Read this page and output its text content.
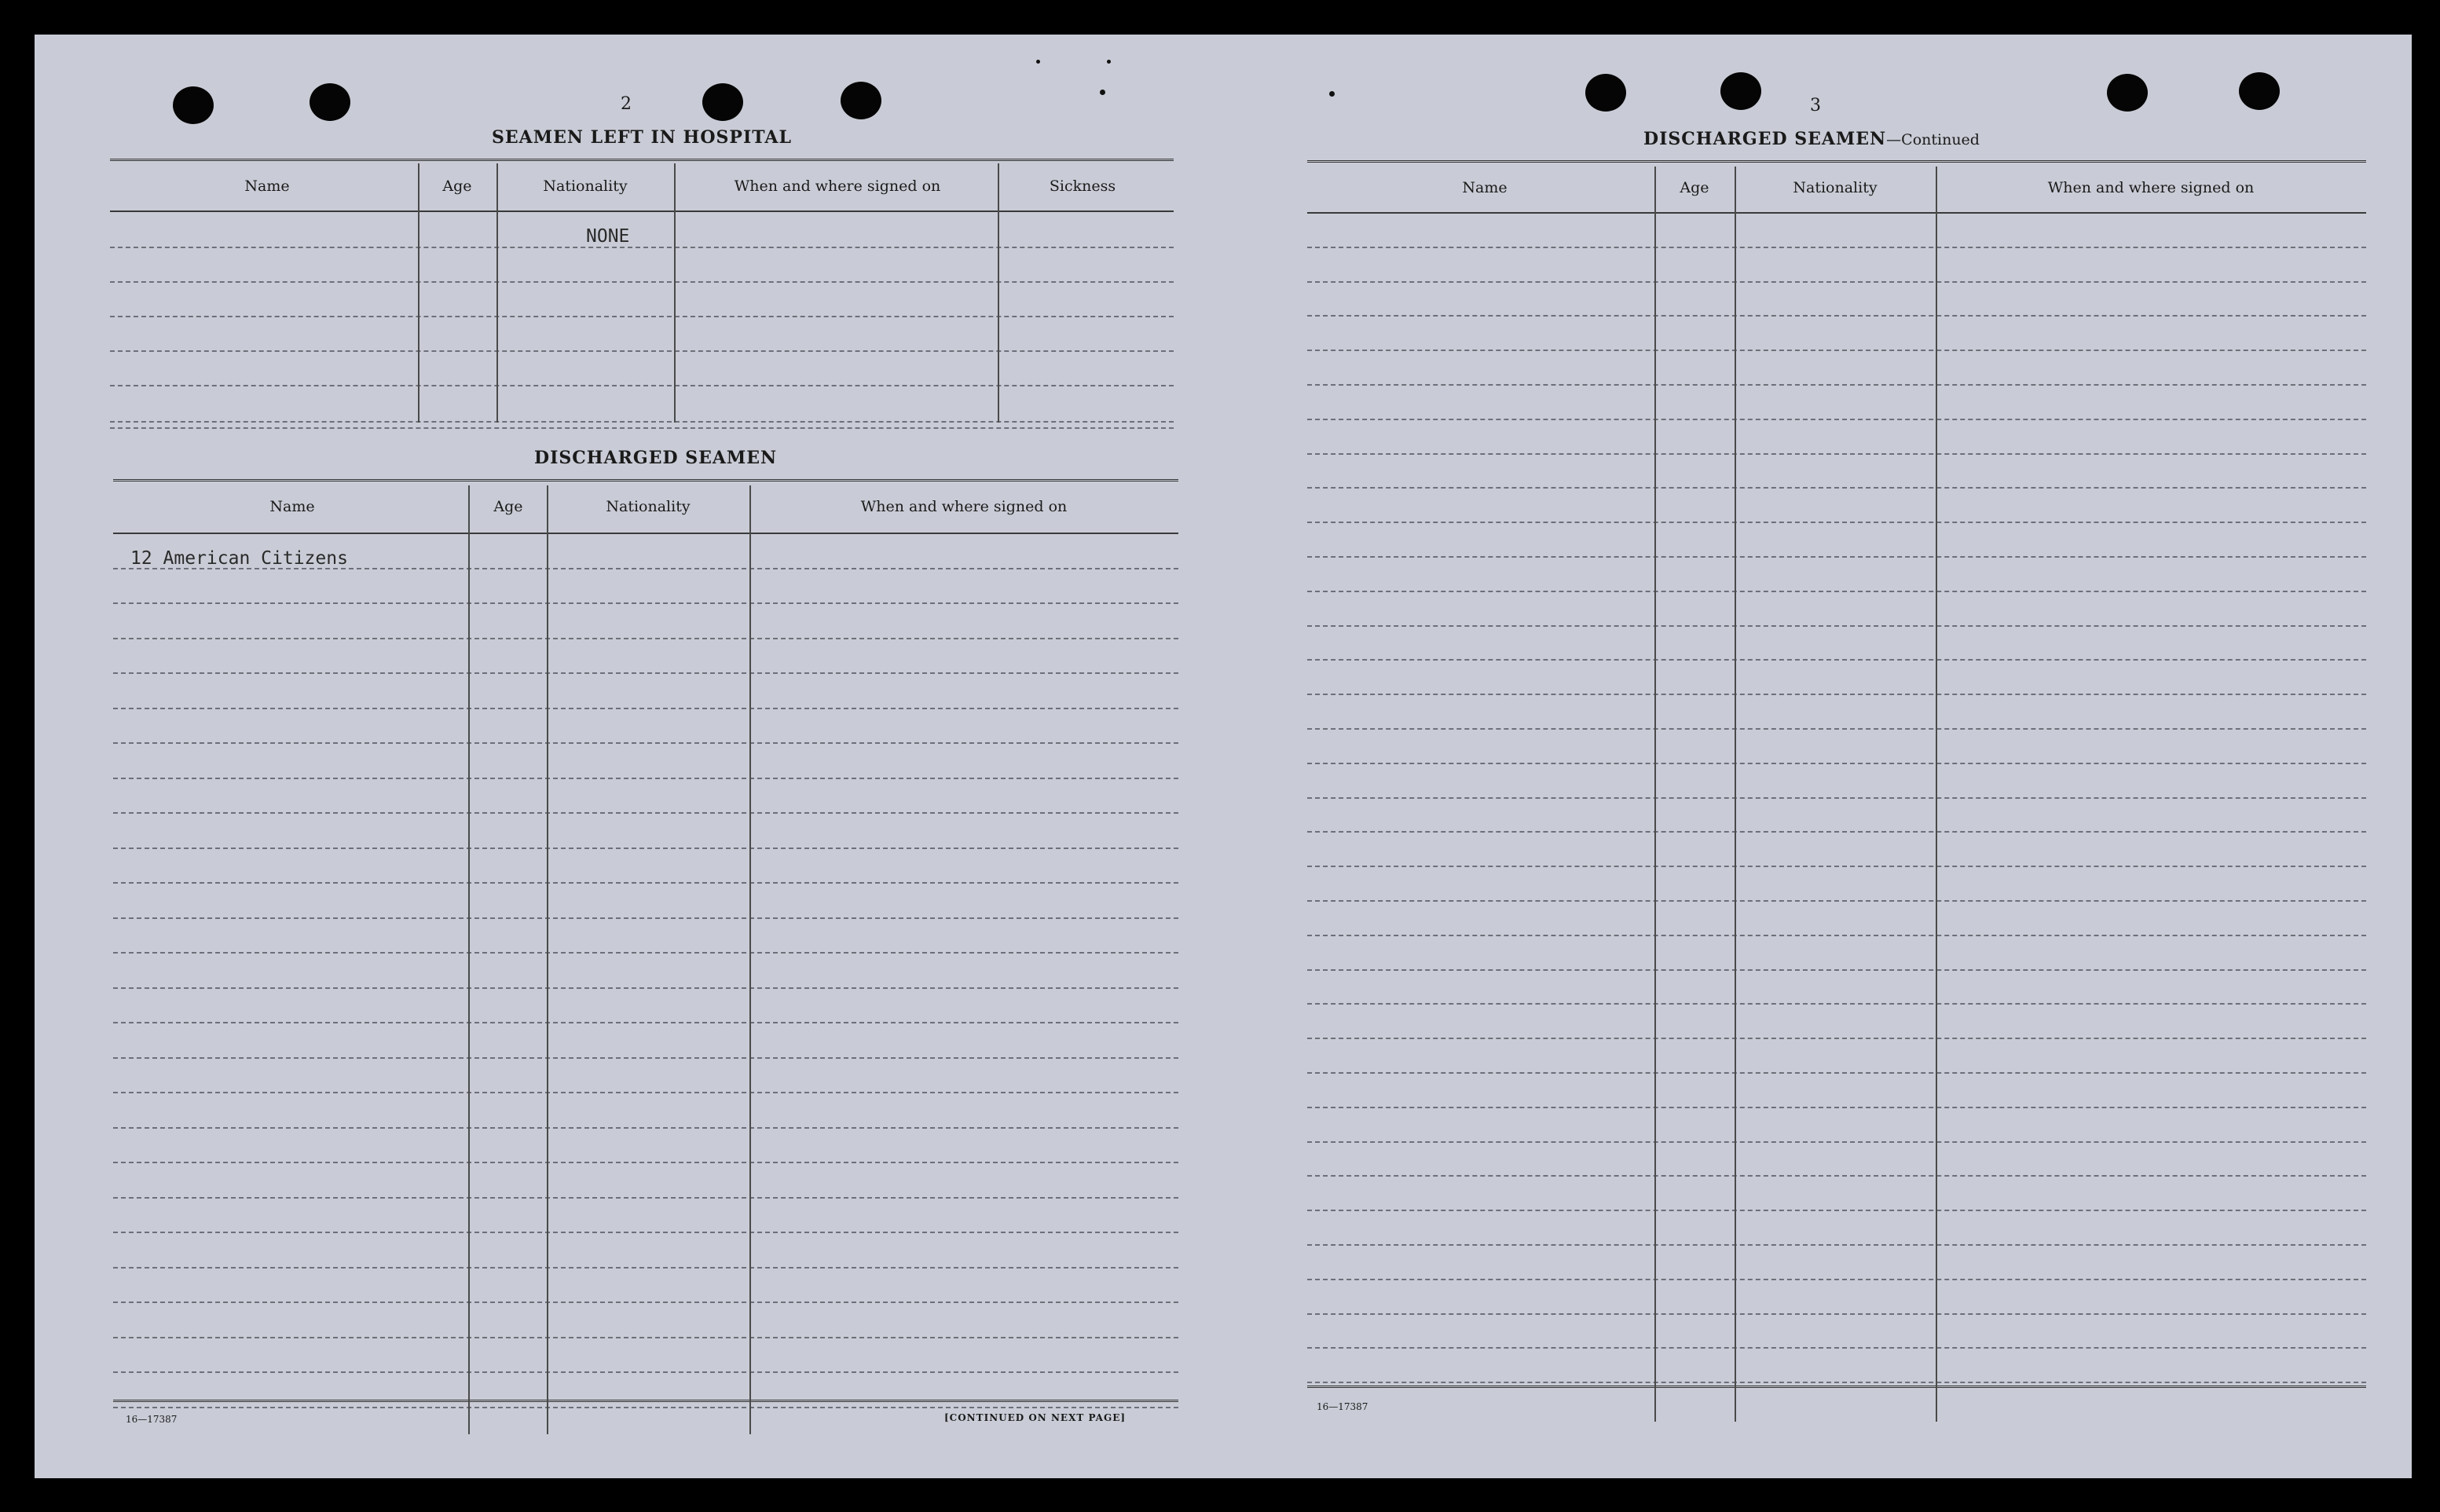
2
SEAMEN LEFT IN HOSPITAL
Name	Age	Nationality	When and where signed on	Sickness
NONE
DISCHARGED SEAMEN
Name	Age	Nationality	When and where signed on
12 American Citizens
16—17387	[CONTINUED ON NEXT PAGE]
3
DISCHARGED SEAMEN—Continued
Name	Age	Nationality	When and where signed on
16—17387
